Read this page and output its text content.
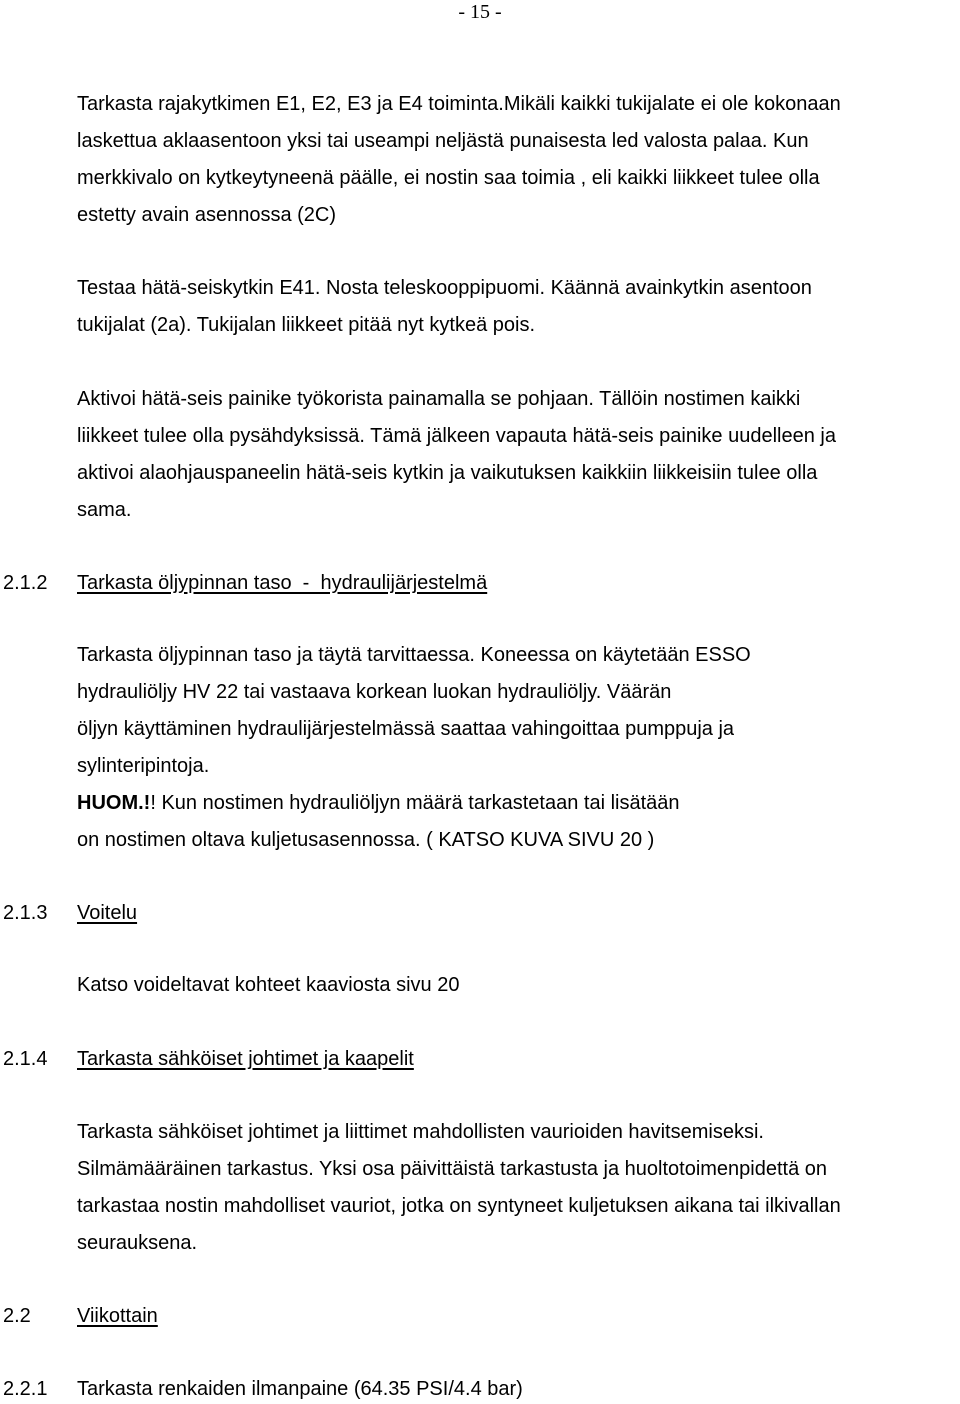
- 15 -
Tarkasta rajakytkimen E1, E2, E3 ja E4 toiminta.Mikäli kaikki tukijalate ei ole kokonaan
laskettua aklaasentoon yksi tai useampi neljästä punaisesta led valosta palaa. Kun
merkkivalo on kytkeytyneenä päälle, ei nostin saa toimia , eli kaikki liikkeet tulee olla
estetty avain asennossa (2C)
Testaa hätä-seiskytkin E41. Nosta teleskooppipuomi. Käännä avainkytkin asentoon
tukijalat (2a). Tukijalan liikkeet pitää nyt kytkeä pois.
Aktivoi hätä-seis painike työkorista painamalla se pohjaan. Tällöin nostimen kaikki
liikkeet tulee olla pysähdyksissä. Tämä jälkeen vapauta hätä-seis painike uudelleen ja
aktivoi alaohjauspaneelin hätä-seis kytkin ja vaikutuksen kaikkiin liikkeisiin tulee olla
sama.
2.1.2 Tarkasta öljypinnan taso  -  hydraulijärjestelmä
Tarkasta öljypinnan taso ja täytä tarvittaessa. Koneessa on käytetään ESSO
hydrauliöljy HV 22 tai vastaava korkean luokan hydrauliöljy. Väärän
öljyn käyttäminen hydraulijärjestelmässä saattaa vahingoittaa pumppuja ja
sylinteripintoja.
HUOM.!! Kun nostimen hydrauliöljyn määrä tarkastetaan tai lisätään
on nostimen oltava kuljetusasennossa. ( KATSO KUVA SIVU 20 )
2.1.3 Voitelu
Katso voideltavat kohteet kaaviosta sivu 20
2.1.4 Tarkasta sähköiset johtimet ja kaapelit
Tarkasta sähköiset johtimet ja liittimet mahdollisten vaurioiden havitsemiseksi.
Silmämääräinen tarkastus. Yksi osa päivittäistä tarkastusta ja huoltotoimenpidettä on
tarkastaa nostin mahdolliset vauriot, jotka on syntyneet kuljetuksen aikana tai ilkivallan
seurauksena.
2.2 Viikottain
2.2.1 Tarkasta renkaiden ilmanpaine (64.35 PSI/4.4 bar)
